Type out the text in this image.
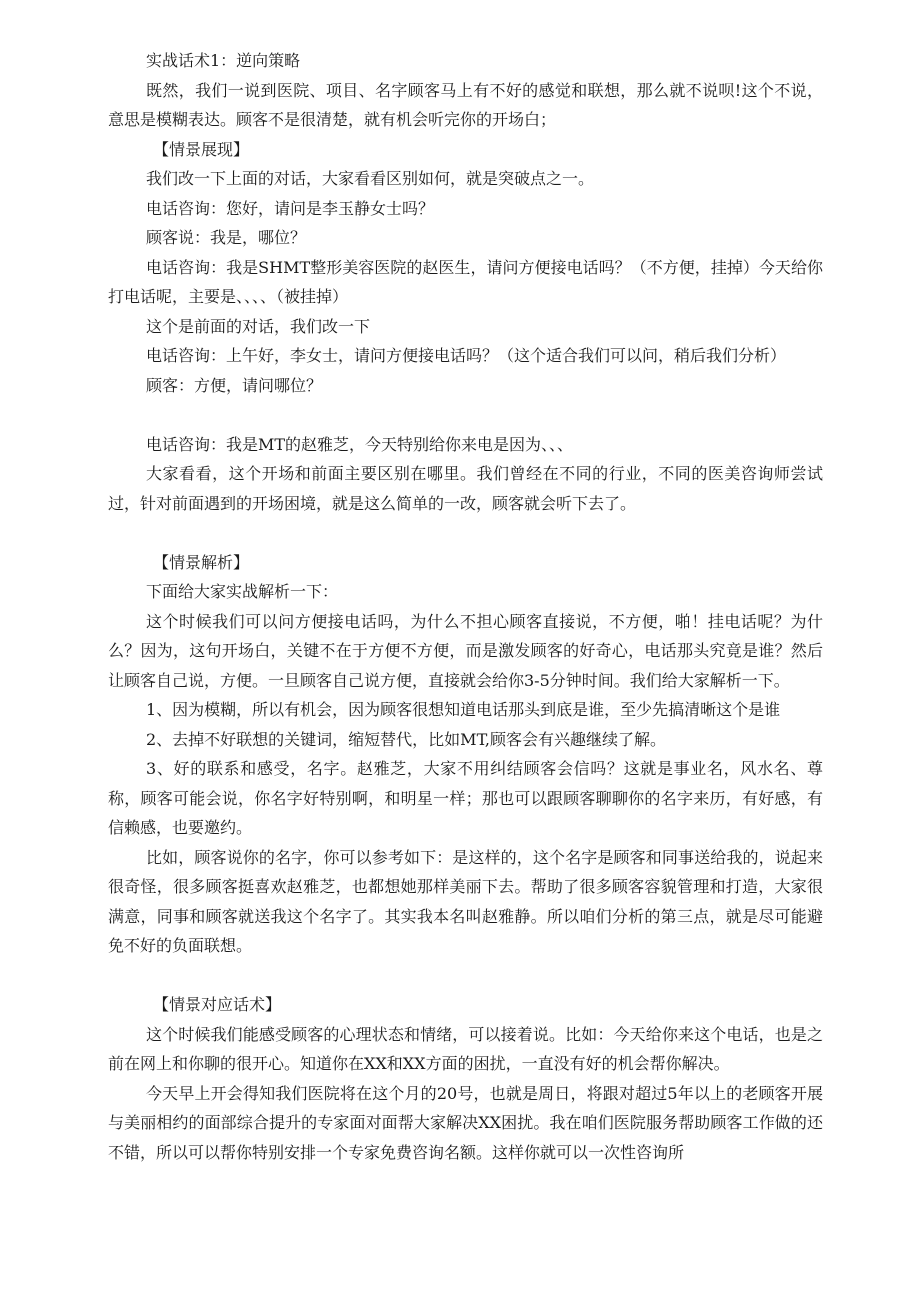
实战话术1：逆向策略

既然，我们一说到医院、项目、名字顾客马上有不好的感觉和联想，那么就不说呗!这个不说，意思是模糊表达。顾客不是很清楚，就有机会听完你的开场白；

【情景展现】

我们改一下上面的对话，大家看看区别如何，就是突破点之一。

电话咨询：您好，请问是李玉静女士吗？

顾客说：我是，哪位？

电话咨询：我是SHMT整形美容医院的赵医生，请问方便接电话吗？（不方便，挂掉）今天给你打电话呢，主要是、、、、（被挂掉）

这个是前面的对话，我们改一下

电话咨询：上午好，李女士，请问方便接电话吗？（这个适合我们可以问，稍后我们分析）

顾客：方便，请问哪位？

电话咨询：我是MT的赵雅芝，今天特别给你来电是因为、、、

大家看看，这个开场和前面主要区别在哪里。我们曾经在不同的行业，不同的医美咨询师尝试过，针对前面遇到的开场困境，就是这么简单的一改，顾客就会听下去了。

【情景解析】

下面给大家实战解析一下：

这个时候我们可以问方便接电话吗，为什么不担心顾客直接说，不方便，啪！挂电话呢？为什么？因为，这句开场白，关键不在于方便不方便，而是激发顾客的好奇心，电话那头究竟是谁？然后让顾客自己说，方便。一旦顾客自己说方便，直接就会给你3-5分钟时间。我们给大家解析一下。

1、因为模糊，所以有机会，因为顾客很想知道电话那头到底是谁，至少先搞清晰这个是谁

2、去掉不好联想的关键词，缩短替代，比如MT,顾客会有兴趣继续了解。

3、好的联系和感受，名字。赵雅芝，大家不用纠结顾客会信吗？这就是事业名，风水名、尊称，顾客可能会说，你名字好特别啊，和明星一样；那也可以跟顾客聊聊你的名字来历，有好感，有信赖感，也要邀约。

比如，顾客说你的名字，你可以参考如下：是这样的，这个名字是顾客和同事送给我的，说起来很奇怪，很多顾客挺喜欢赵雅芝，也都想她那样美丽下去。帮助了很多顾客容貌管理和打造，大家很满意，同事和顾客就送我这个名字了。其实我本名叫赵雅静。所以咱们分析的第三点，就是尽可能避免不好的负面联想。

【情景对应话术】

这个时候我们能感受顾客的心理状态和情绪，可以接着说。比如：今天给你来这个电话，也是之前在网上和你聊的很开心。知道你在XX和XX方面的困扰，一直没有好的机会帮你解决。

今天早上开会得知我们医院将在这个月的20号，也就是周日，将跟对超过5年以上的老顾客开展与美丽相约的面部综合提升的专家面对面帮大家解决XX困扰。我在咱们医院服务帮助顾客工作做的还不错，所以可以帮你特别安排一个专家免费咨询名额。这样你就可以一次性咨询所
